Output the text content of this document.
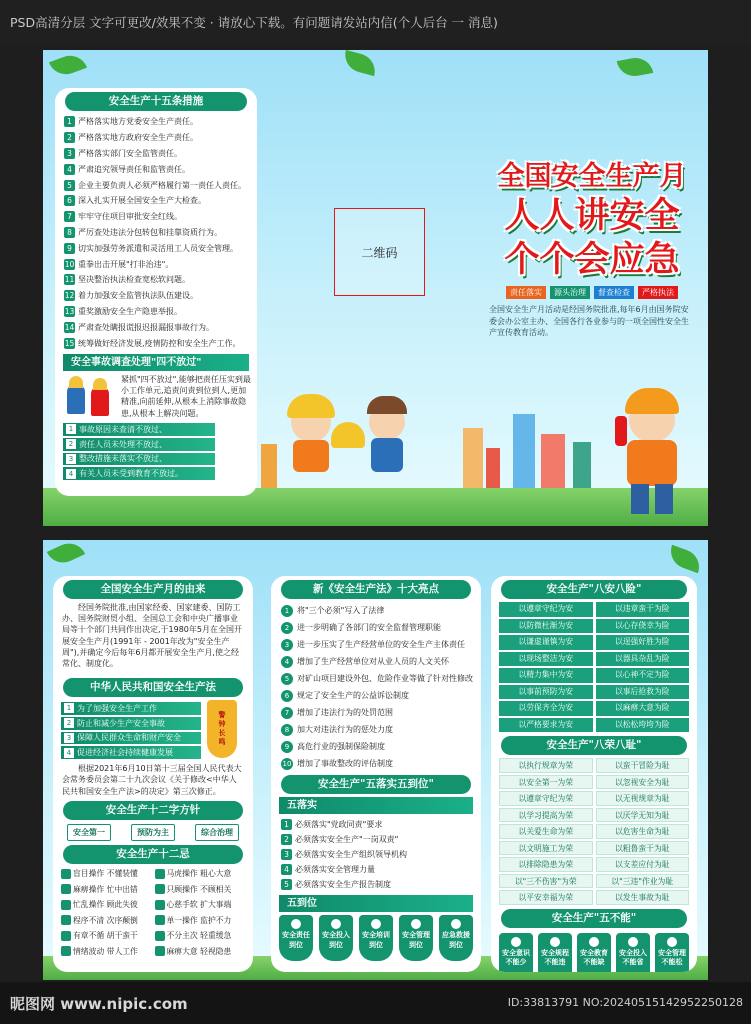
PSD高清分层 文字可更改/效果不变 · 请放心下载。有问题请发站内信(个人后台 一 消息)
安全生产十五条措施
1 严格落实地方党委安全生产责任。
2 严格落实地方政府安全生产责任。
3 严格落实部门安全监管责任。
4 严肃追究领导责任和监管责任。
5 企业主要负责人必须严格履行第一责任人责任。
6 深入扎实开展全国安全生产大检查。
7 牢牢守住项目审批安全红线。
8 严厉查处违法分包转包和挂靠资质行为。
9 切实加强劳务派遣和灵活用工人员安全管理。
10 重拳出击开展"打非治违"。
11 坚决整治执法检查宽松软问题。
12 着力加强安全监管执法队伍建设。
13 重奖激励安全生产隐患举报。
14 严肃查处瞒报谎报迟报漏报事故行为。
15 统筹做好经济发展,疫情防控和安全生产工作。
安全事故调查处理"四不放过"
紧抓"四不放过",能够把责任压实到最小工作单元,追责问责到位到人,更加精准,向前延伸,从根本上消除事故隐患,从根本上解决问题。
1 事故原因未查清不放过、
2 责任人员未处理不放过、
3 整改措施未落实不放过、
4 有关人员未受到教育不放过。
二维码
全国安全生产月
人人讲安全
个个会应急
责任落实	源头治理	督查检查	严格执法
全国安全生产月活动是经国务院批准,每年6月由国务院安委会办公室主办、全国各行各业参与的一项全国性安全生产宣传教育活动。
全国安全生产月的由来
经国务院批准,由国家经委、国家建委、国防工办、国务院财贸小组、全国总工会和中央广播事业局等十个部门共同作出决定,于1980年5月在全国开展安全生产月(1991年 - 2001年改为"安全生产周"),并确定今后每年6月都开展安全生产月,使之经常化、制度化。
中华人民共和国安全生产法
1 为了加强安全生产工作
2 防止和减少生产安全事故
3 保障人民群众生命和财产安全
4 促进经济社会持续健康发展
警
钟
长
鸣
根据2021年6月10日第十三届全国人民代表大会常务委员会第二十九次会议《关于修改<中华人民共和国安全生产法>的决定》第三次修正。
安全生产十二字方针
安全第一	预防为主	综合治理
安全生产十二忌
盲目操作 不懂装懂	马虎操作 粗心大意
麻痹操作 忙中出错	只顾操作 不顾相关
忙乱操作 顾此失彼	心慈手软 扩大事端
程序不清 次序颠倒	单一操作 监护不力
有章不循 胡干蛮干	不分主次 轻重缓急
情绪波动 带人工作	麻痹大意 轻视隐患
新《安全生产法》十大亮点
1 将"三个必须"写入了法律
2 进一步明确了各部门的安全监督管理职能
3 进一步压实了生产经营单位的安全生产主体责任
4 增加了生产经营单位对从业人员的人文关怀
5 对矿山项目建设外包、危险作业等做了针对性修改
6 规定了安全生产的公益诉讼制度
7 增加了违法行为的处罚范围
8 加大对违法行为的惩处力度
9 高危行业的强制保险制度
10 增加了事故整改的评估制度
安全生产"五落实五到位"
五落实
1 必须落实"党政同责"要求
2 必须落实安全生产"一岗双责"
3 必须落实安全生产组织领导机构
4 必须落实安全管理力量
5 必须落实安全生产报告制度
五到位
安全责任到位
安全投入到位
安全培训到位
安全管理到位
应急救援到位
安全生产"八安八险"
以遵章守纪为安	以违章蛮干为险
以防微杜渐为安	以心存侥幸为险
以谦虚谨慎为安	以逞强好胜为险
以现场整洁为安	以器具杂乱为险
以精力集中为安	以心神不定为险
以事前预防为安	以事后抢救为险
以劳保齐全为安	以麻痹大意为险
以严格要求为安	以松松垮垮为险
安全生产"八荣八耻"
以执行规章为荣	以蛮干冒险为耻
以安全第一为荣	以忽视安全为耻
以遵章守纪为荣	以无视规章为耻
以学习提高为荣	以厌学无知为耻
以关爱生命为荣	以危害生命为耻
以文明施工为荣	以粗鲁蛮干为耻
以排除隐患为荣	以支差应付为耻
以"三不伤害"为荣	以"三违"作业为耻
以平安幸福为荣	以发生事故为耻
安全生产"五不能"
安全意识不能少
安全规程不能违
安全教育不能缺
安全投入不能省
安全管理不能松
昵图网 www.nipic.com	ID:33813791 NO:20240515142952250128
